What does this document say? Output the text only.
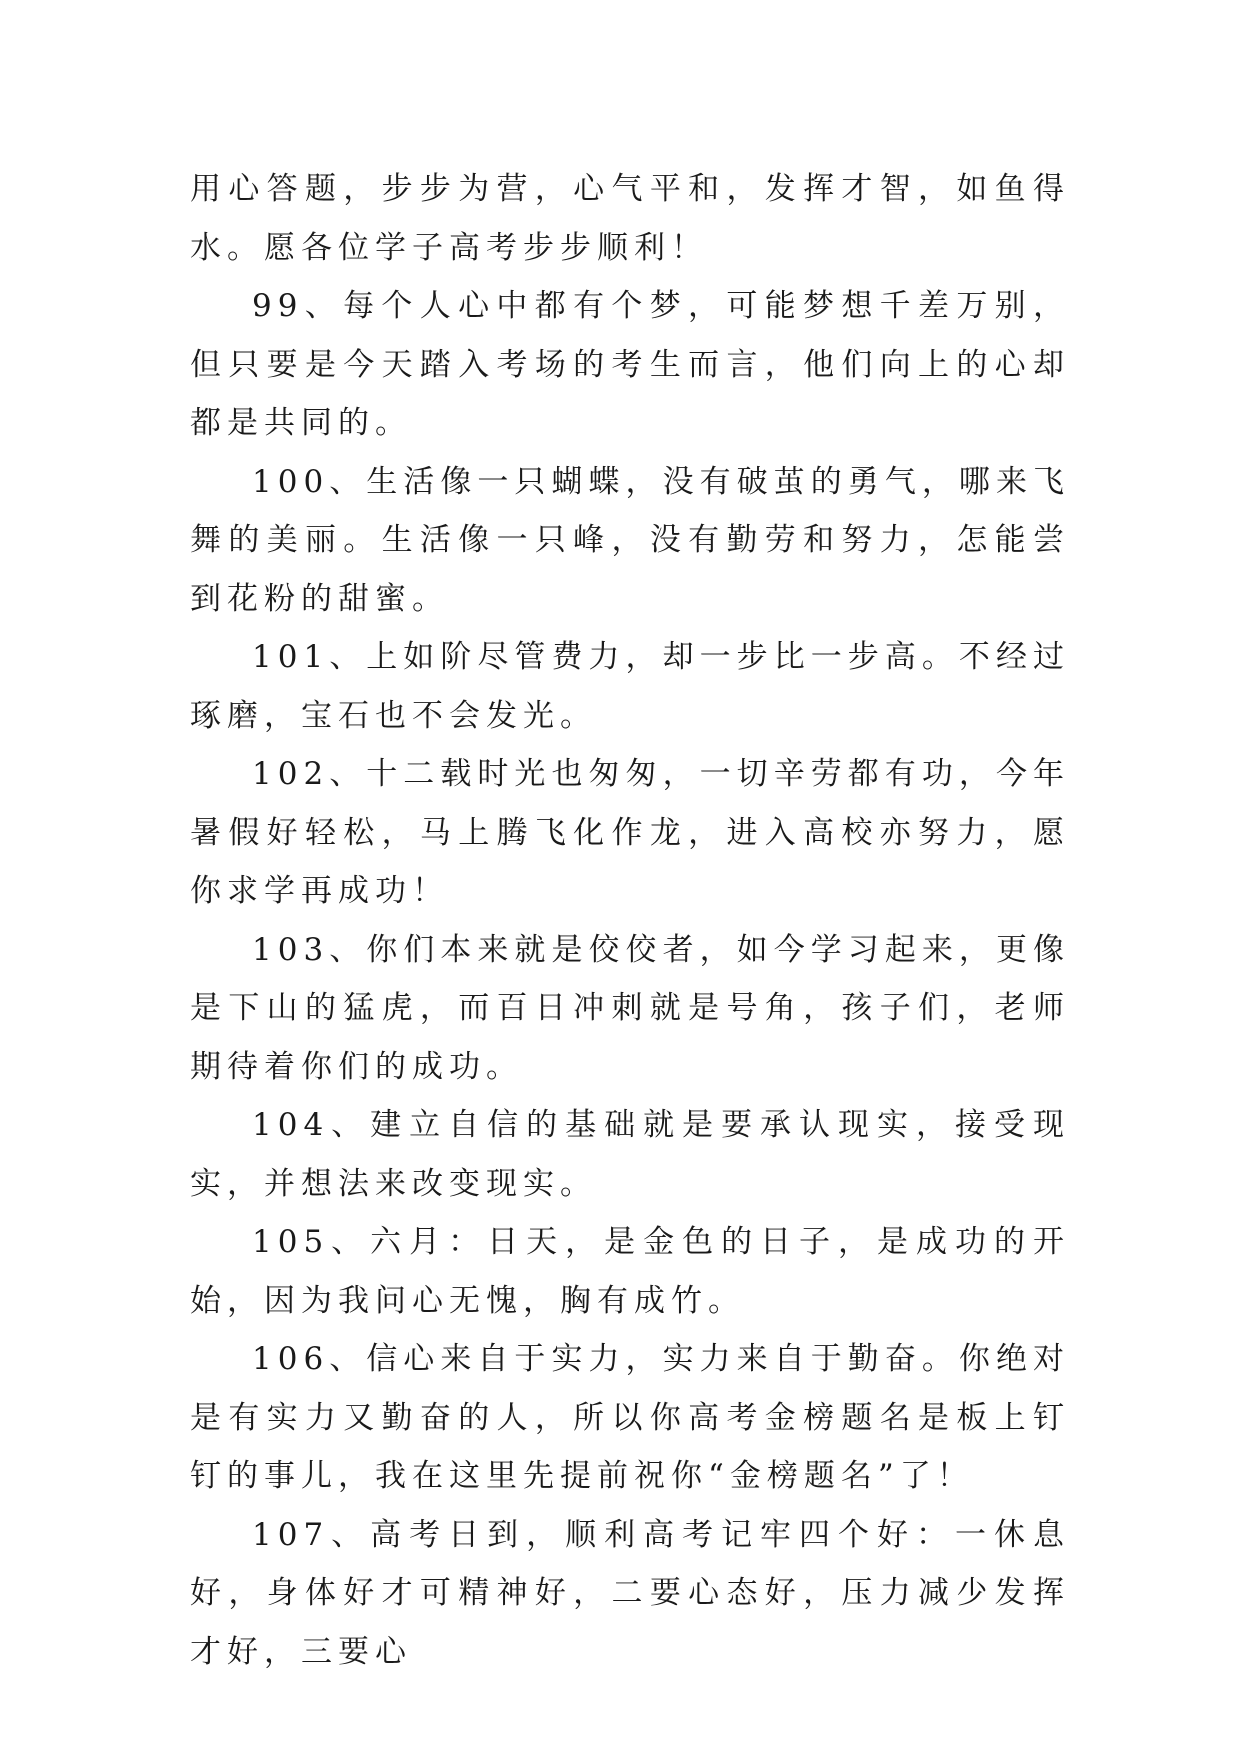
用心答题，步步为营，心气平和，发挥才智，如鱼得水。愿各位学子高考步步顺利！

99、每个人心中都有个梦，可能梦想千差万别，但只要是今天踏入考场的考生而言，他们向上的心却都是共同的。

100、生活像一只蝴蝶，没有破茧的勇气，哪来飞舞的美丽。生活像一只峰，没有勤劳和努力，怎能尝到花粉的甜蜜。

101、上如阶尽管费力，却一步比一步高。不经过琢磨，宝石也不会发光。

102、十二载时光也匆匆，一切辛劳都有功，今年暑假好轻松，马上腾飞化作龙，进入高校亦努力，愿你求学再成功！

103、你们本来就是佼佼者，如今学习起来，更像是下山的猛虎，而百日冲刺就是号角，孩子们，老师期待着你们的成功。

104、建立自信的基础就是要承认现实，接受现实，并想法来改变现实。

105、六月：日天，是金色的日子，是成功的开始，因为我问心无愧，胸有成竹。

106、信心来自于实力，实力来自于勤奋。你绝对是有实力又勤奋的人，所以你高考金榜题名是板上钉钉的事儿，我在这里先提前祝你“金榜题名”了！

107、高考日到，顺利高考记牢四个好：一休息好，身体好才可精神好，二要心态好，压力减少发挥才好，三要心
